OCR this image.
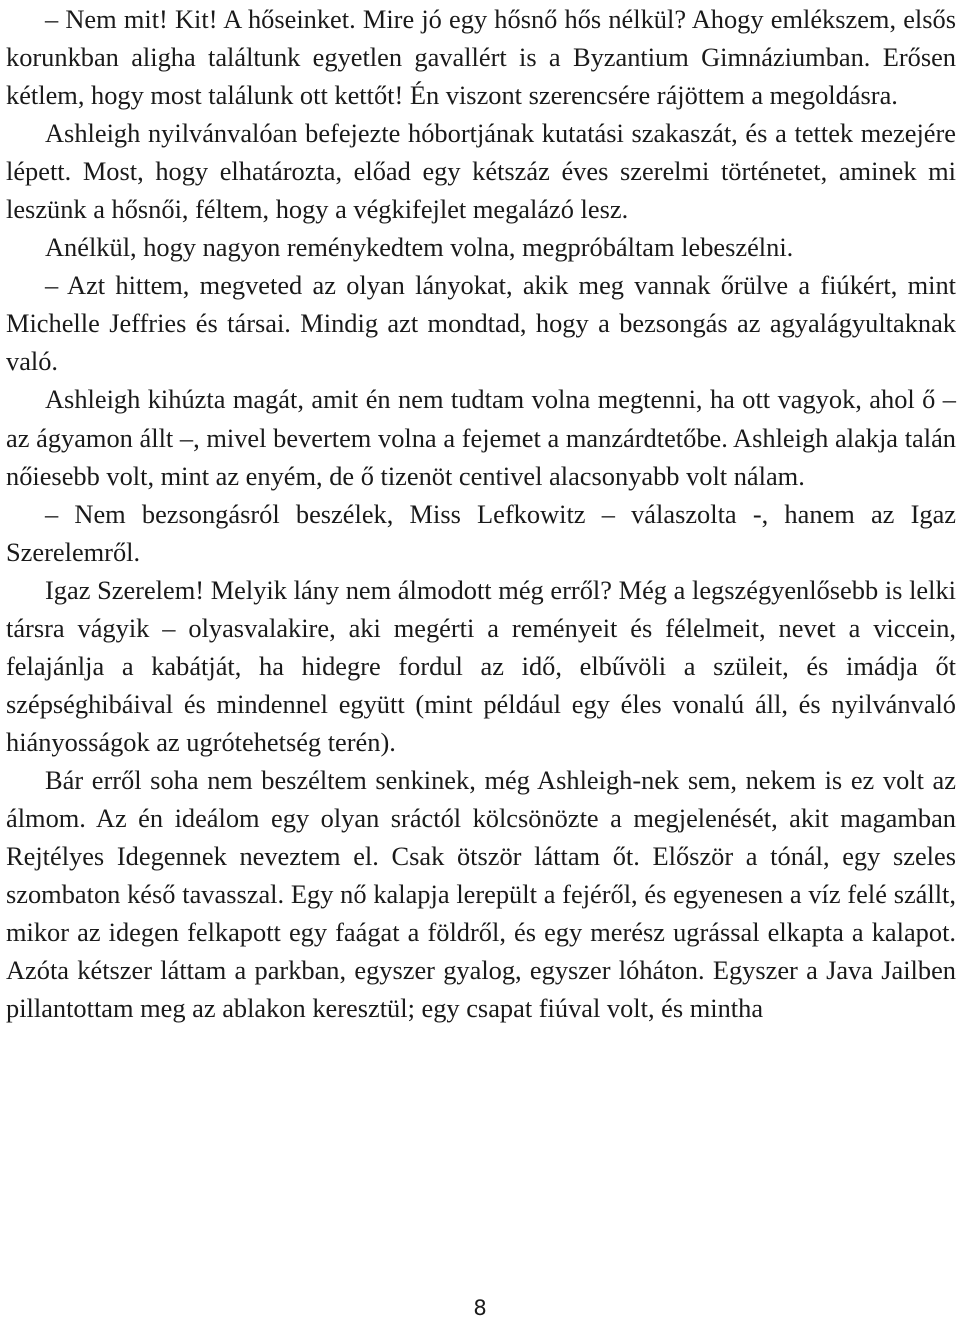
– Nem mit! Kit! A hőseinket. Mire jó egy hősnő hős nélkül? Ahogy emlékszem, elsős korunkban aligha találtunk egyetlen gavallért is a Byzantium Gimnáziumban. Erősen kétlem, hogy most találunk ott kettőt! Én viszont szerencsére rájöttem a megoldásra.

Ashleigh nyilvánvalóan befejezte hóbortjának kutatási szakaszát, és a tettek mezejére lépett. Most, hogy elhatározta, előad egy kétszáz éves szerelmi történetet, aminek mi leszünk a hősnői, féltem, hogy a végkifejlet megalázó lesz.

Anélkül, hogy nagyon reménykedtem volna, megpróbáltam lebeszélni.

– Azt hittem, megveted az olyan lányokat, akik meg vannak őrülve a fiúkért, mint Michelle Jeffries és társai. Mindig azt mondtad, hogy a bezsongás az agyalágyultaknak való.

Ashleigh kihúzta magát, amit én nem tudtam volna megtenni, ha ott vagyok, ahol ő – az ágyamon állt –, mivel bevertem volna a fejemet a manzárdtetőbe. Ashleigh alakja talán nőiesebb volt, mint az enyém, de ő tizenöt centivel alacsonyabb volt nálam.

– Nem bezsongásról beszélek, Miss Lefkowitz – válaszolta -, hanem az Igaz Szerelemről.

Igaz Szerelem! Melyik lány nem álmodott még erről? Még a legszégyenlősebb is lelki társra vágyik – olyasvalakire, aki megérti a reményeit és félelmeit, nevet a viccein, felajánlja a kabátját, ha hidegre fordul az idő, elbűvöli a szüleit, és imádja őt szépséghibáival és mindennel együtt (mint például egy éles vonalú áll, és nyilvánvaló hiányosságok az ugrótehetség terén).

Bár erről soha nem beszéltem senkinek, még Ashleigh-nek sem, nekem is ez volt az álmom. Az én ideálom egy olyan sráctól kölcsönözte a megjelenését, akit magamban Rejtélyes Idegennek neveztem el. Csak ötször láttam őt. Először a tónál, egy szeles szombaton késő tavasszal. Egy nő kalapja lerepült a fejéről, és egyenesen a víz felé szállt, mikor az idegen felkapott egy faágat a földről, és egy merész ugrással elkapta a kalapot. Azóta kétszer láttam a parkban, egyszer gyalog, egyszer lóháton. Egyszer a Java Jailben pillantottam meg az ablakon keresztül; egy csapat fiúval volt, és mintha

8
